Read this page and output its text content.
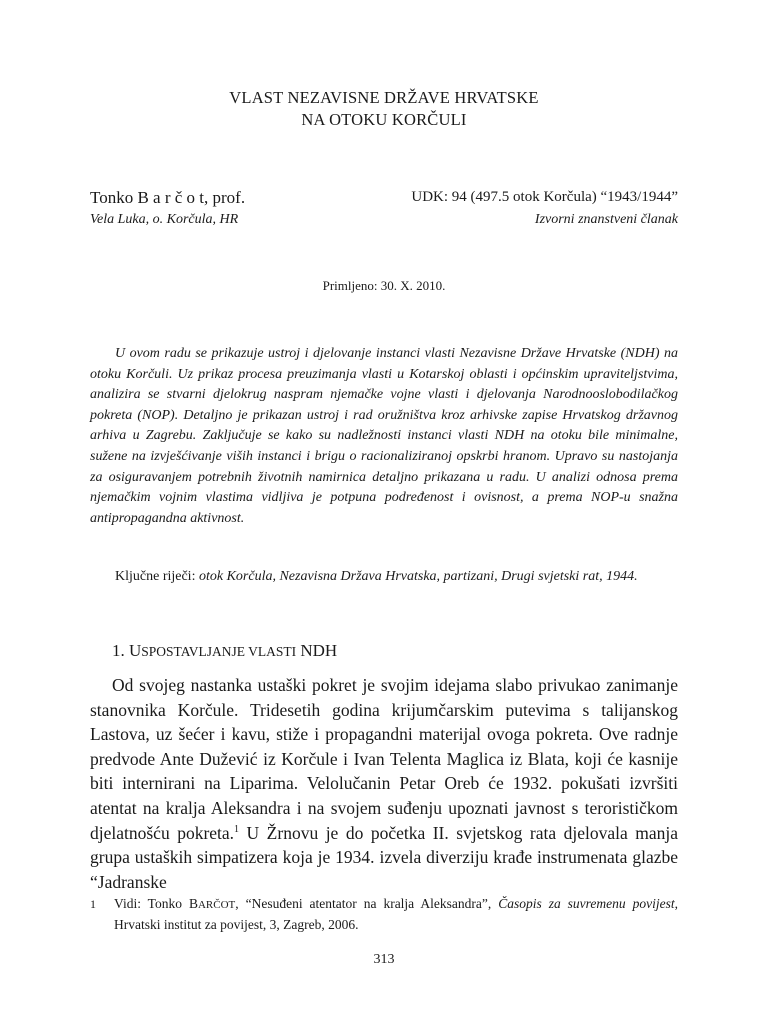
VLAST NEZAVISNE DRŽAVE HRVATSKE
NA OTOKU KORČULI
Tonko B a r č o t, prof.
Vela Luka, o. Korčula, HR
UDK: 94 (497.5 otok Korčula) “1943/1944”
Izvorni znanstveni članak
Primljeno: 30. X. 2010.

U ovom radu se prikazuje ustroj i djelovanje instanci vlasti Nezavisne Države Hrvatske (NDH) na otoku Korčuli. Uz prikaz procesa preuzimanja vlasti u Kotarskoj oblasti i općinskim upraviteljstvima, analizira se stvarni djelokrug naspram njemačke vojne vlasti i djelovanja Narodnooslobodilačkog pokreta (NOP). Detaljno je prikazan ustroj i rad oružništva kroz arhivske zapise Hrvatskog državnog arhiva u Zagrebu. Zaključuje se kako su nadležnosti instanci vlasti NDH na otoku bile minimalne, sužene na izvješćivanje viših instanci i brigu o racionaliziranoj opskrbi hranom. Upravo su nastojanja za osiguravanjem potrebnih životnih namirnica detaljno prikazana u radu. U analizi odnosa prema njemačkim vojnim vlastima vidljiva je potpuna podređenost i ovisnost, a prema NOP-u snažna antipropagandna aktivnost.

Ključne riječi: otok Korčula, Nezavisna Država Hrvatska, partizani, Drugi svjetski rat, 1944.

1. USPOSTAVLJANJE VLASTI NDH

Od svojeg nastanka ustaški pokret je svojim idejama slabo privukao zanimanje stanovnika Korčule. Tridesetih godina krijumčarskim putevima s talijanskog Lastova, uz šećer i kavu, stiže i propagandni materijal ovoga pokreta. Ove radnje predvode Ante Dužević iz Korčule i Ivan Telenta Maglica iz Blata, koji će kasnije biti internirani na Liparima. Velolučanin Petar Oreb će 1932. pokušati izvršiti atentat na kralja Aleksandra i na svojem suđenju upoznati javnost s terorističkom djelatnošću pokreta.$^1$ U Žrnovu je do početka II. svjetskog rata djelovala manja grupa ustaških simpatizera koja je 1934. izvela diverziju krađe instrumenata glazbe “Jadranske

1 Vidi: Tonko BARČOT, “Nesuđeni atentator na kralja Aleksandra”, Časopis za suvremenu povijest, Hrvatski institut za povijest, 3, Zagreb, 2006.
313
